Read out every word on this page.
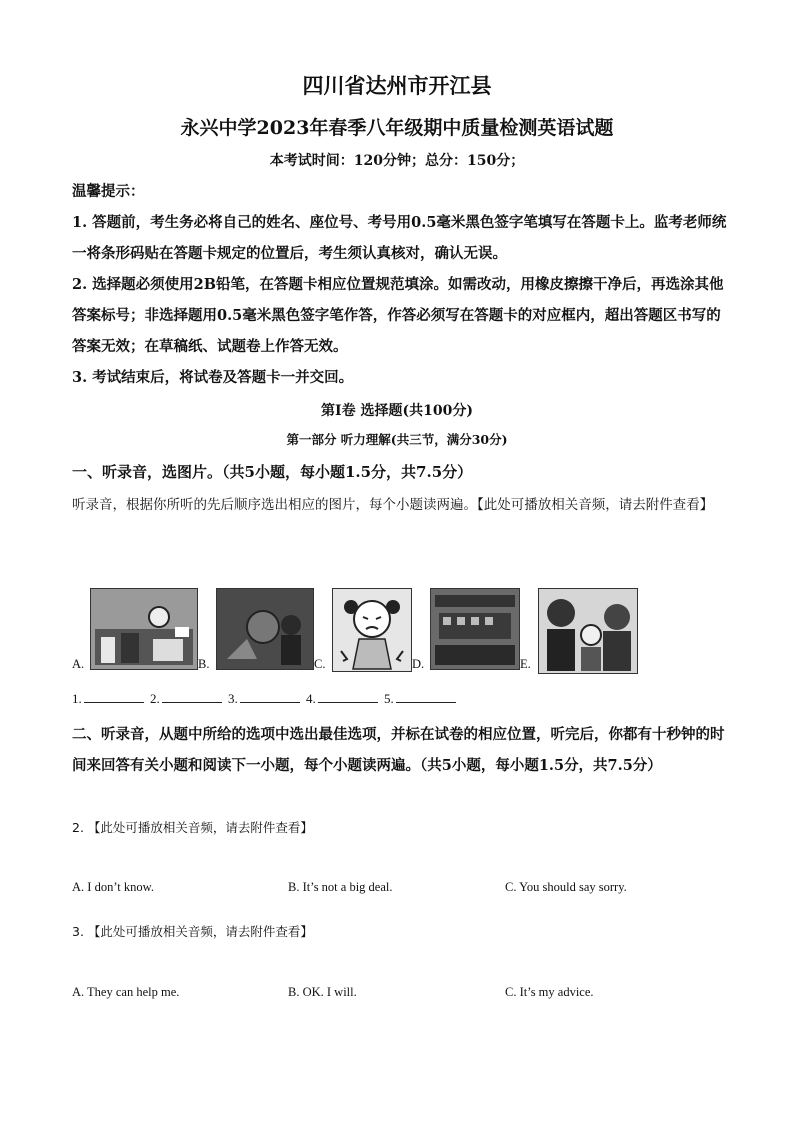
四川省达州市开江县
永兴中学2023年春季八年级期中质量检测英语试题
本考试时间：120分钟；总分：150分；

温馨提示：

1. 答题前，考生务必将自己的姓名、座位号、考号用0.5毫米黑色签字笔填写在答题卡上。监考老师统一将条形码贴在答题卡规定的位置后，考生须认真核对，确认无误。

2. 选择题必须使用2B铅笔，在答题卡相应位置规范填涂。如需改动，用橡皮擦擦干净后，再选涂其他答案标号；非选择题用0.5毫米黑色签字笔作答，作答必须写在答题卡的对应框内，超出答题区书写的答案无效；在草稿纸、试题卷上作答无效。

3. 考试结束后，将试卷及答题卡一并交回。

第Ⅰ卷 选择题(共100分)
第一部分 听力理解(共三节，满分30分)
一、听录音，选图片。（共5小题，每小题1.5分，共7.5分）
听录音，根据你所听的先后顺序选出相应的图片，每个小题读两遍。【此处可播放相关音频，请去附件查看】
A.	B.	C.	D.	E.
1.	2.	3.	4.	5.
二、听录音，从题中所给的选项中选出最佳选项，并标在试卷的相应位置，听完后，你都有十秒钟的时间来回答有关小题和阅读下一小题，每个小题读两遍。（共5小题，每小题1.5分，共7.5分）
2. 【此处可播放相关音频，请去附件查看】
A. I don’t know.	B. It’s not a big deal.	C. You should say sorry.
3. 【此处可播放相关音频，请去附件查看】
A. They can help me.	B. OK. I will.	C. It’s my advice.
